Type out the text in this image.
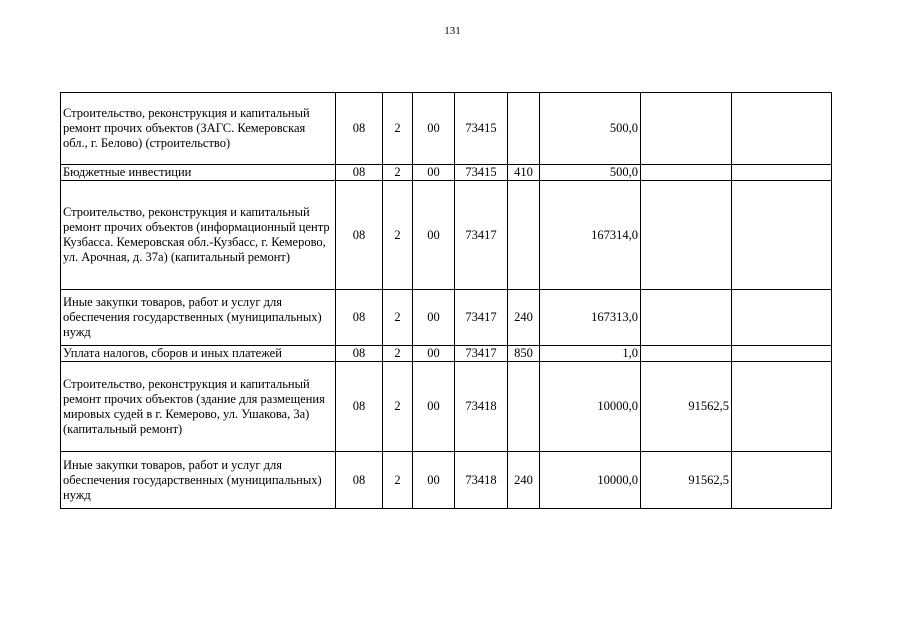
131
Строительство, реконструкция и капитальный ремонт прочих объектов (ЗАГС. Кемеровская обл., г. Белово) (строительство)	08	2	00	73415		500,0		
Бюджетные инвестиции	08	2	00	73415	410	500,0		
Строительство, реконструкция и капитальный ремонт прочих объектов (информационный центр Кузбасса. Кемеровская обл.-Кузбасс, г. Кемерово, ул. Арочная, д. 37а) (капитальный ремонт)	08	2	00	73417		167314,0		
Иные закупки товаров, работ и услуг для обеспечения государственных (муниципальных) нужд	08	2	00	73417	240	167313,0		
Уплата налогов, сборов и иных платежей	08	2	00	73417	850	1,0		
Строительство, реконструкция и капитальный ремонт прочих объектов (здание для размещения мировых судей в г. Кемерово, ул. Ушакова, 3а) (капитальный ремонт)	08	2	00	73418		10000,0	91562,5	
Иные закупки товаров, работ и услуг для обеспечения государственных (муниципальных) нужд	08	2	00	73418	240	10000,0	91562,5	
